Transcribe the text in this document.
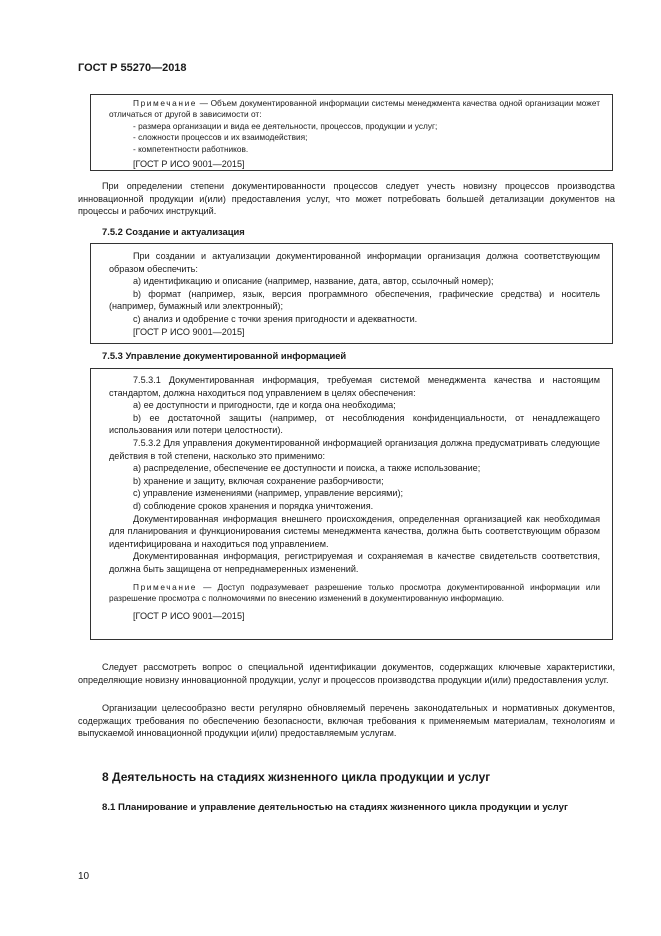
ГОСТ Р 55270—2018

Примечание — Объем документированной информации системы менеджмента качества одной организации может отличаться от другой в зависимости от:

- размера организации и вида ее деятельности, процессов, продукции и услуг;

- сложности процессов и их взаимодействия;

- компетентности работников.

[ГОСТ Р ИСО 9001—2015]

При определении степени документированности процессов следует учесть новизну процессов производства инновационной продукции и(или) предоставления услуг, что может потребовать большей детализации документов на процессы и рабочих инструкций.

7.5.2 Создание и актуализация

При создании и актуализации документированной информации организация должна соответствующим образом обеспечить:

а) идентификацию и описание (например, название, дата, автор, ссылочный номер);

b) формат (например, язык, версия программного обеспечения, графические средства) и носитель (например, бумажный или электронный);

c) анализ и одобрение с точки зрения пригодности и адекватности.

[ГОСТ Р ИСО 9001—2015]

7.5.3 Управление документированной информацией

7.5.3.1 Документированная информация, требуемая системой менеджмента качества и настоящим стандартом, должна находиться под управлением в целях обеспечения:

а) ее доступности и пригодности, где и когда она необходима;

b) ее достаточной защиты (например, от несоблюдения конфиденциальности, от ненадлежащего использования или потери целостности).

7.5.3.2 Для управления документированной информацией организация должна предусматривать следующие действия в той степени, насколько это применимо:

а) распределение, обеспечение ее доступности и поиска, а также использование;

b) хранение и защиту, включая сохранение разборчивости;

c) управление изменениями (например, управление версиями);

d) соблюдение сроков хранения и порядка уничтожения.

Документированная информация внешнего происхождения, определенная организацией как необходимая для планирования и функционирования системы менеджмента качества, должна быть соответствующим образом идентифицирована и находиться под управлением.

Документированная информация, регистрируемая и сохраняемая в качестве свидетельств соответствия, должна быть защищена от непреднамеренных изменений.

Примечание — Доступ подразумевает разрешение только просмотра документированной информации или разрешение просмотра с полномочиями по внесению изменений в документированную информацию.

[ГОСТ Р ИСО 9001—2015]

Следует рассмотреть вопрос о специальной идентификации документов, содержащих ключевые характеристики, определяющие новизну инновационной продукции, услуг и процессов производства продукции и(или) предоставления услуг.

Организации целесообразно вести регулярно обновляемый перечень законодательных и нормативных документов, содержащих требования по обеспечению безопасности, включая требования к применяемым материалам, технологиям и выпускаемой инновационной продукции и(или) предоставляемым услугам.

8 Деятельность на стадиях жизненного цикла продукции и услуг
8.1 Планирование и управление деятельностью на стадиях жизненного цикла продукции и услуг
10
